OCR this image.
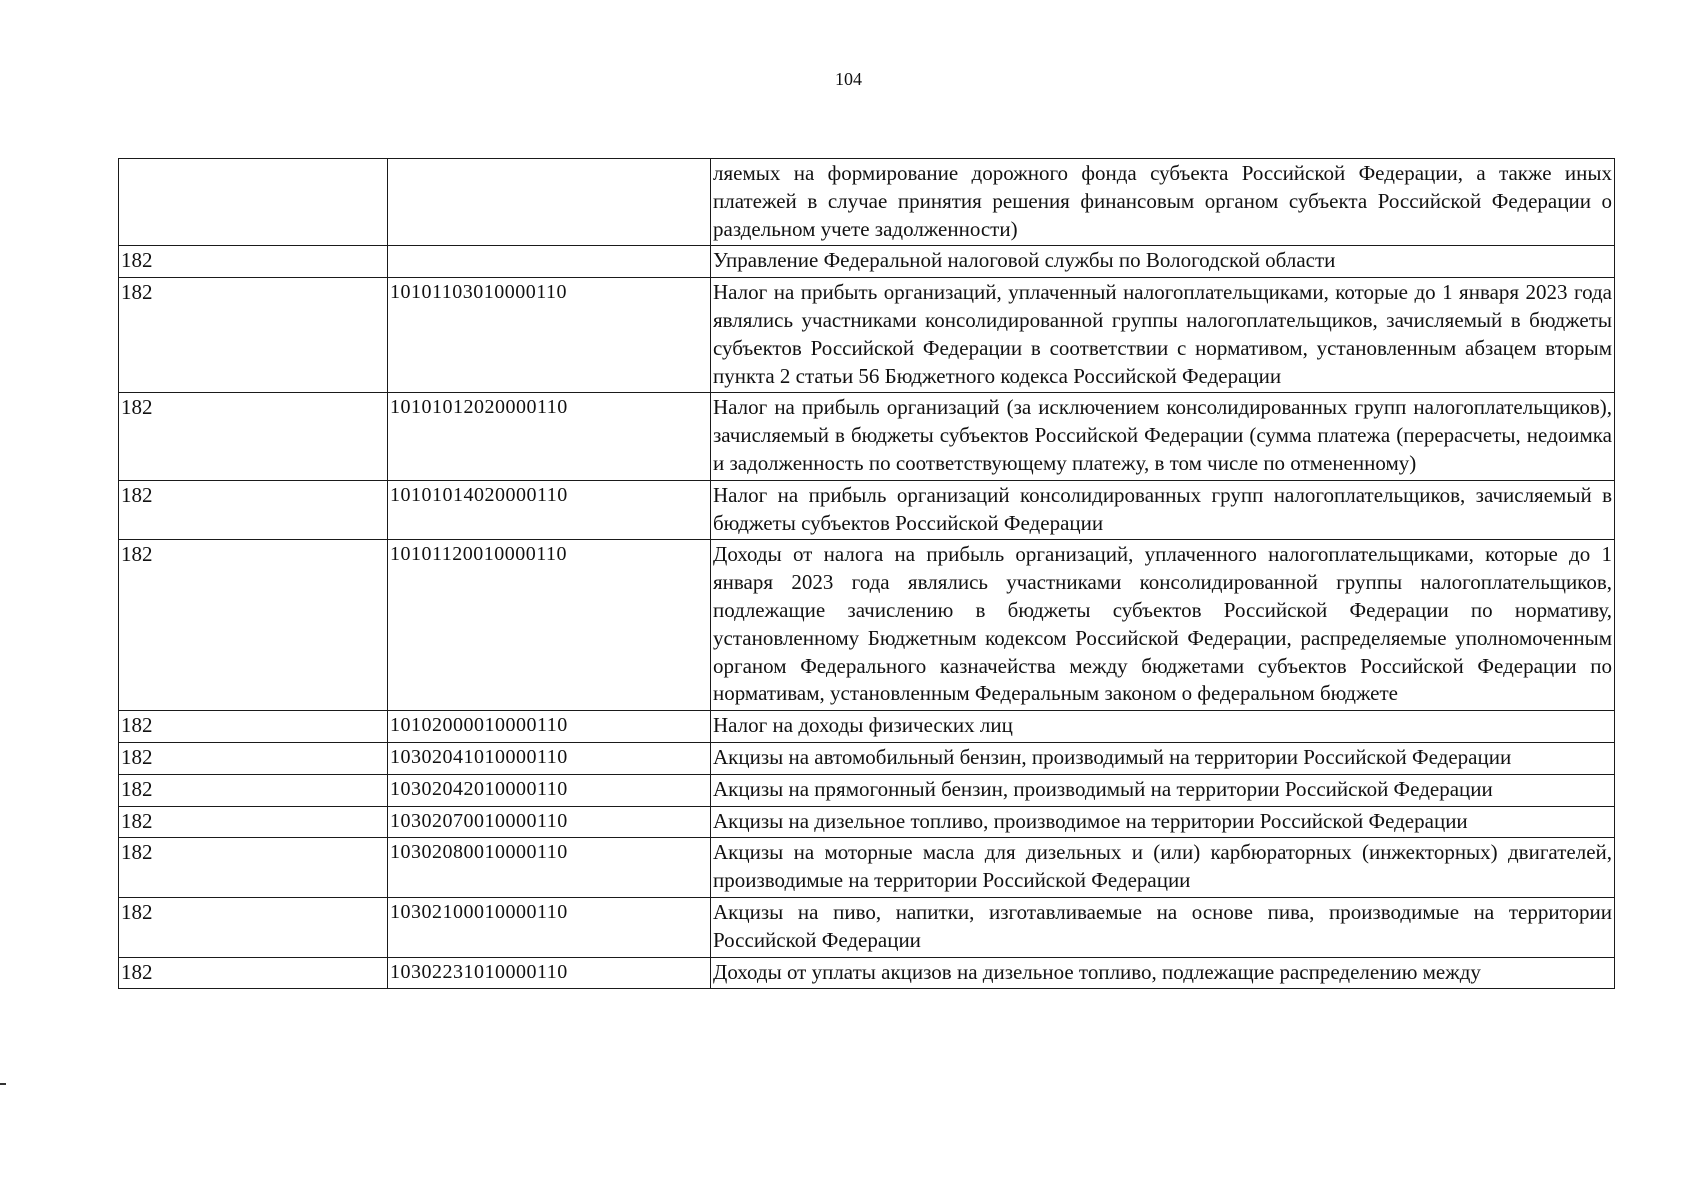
104
		ляемых на формирование дорожного фонда субъекта Российской Федерации, а также иных платежей в случае принятия решения финансовым органом субъекта Российской Федерации о раздельном учете задолженности)
182		Управление Федеральной налоговой службы по Вологодской области
182	10101103010000110	Налог на прибыть организаций, уплаченный налогоплательщиками, которые до 1 января 2023 года являлись участниками консолидированной группы налогоплательщиков, зачисляемый в бюджеты субъектов Российской Федерации в соответствии с нормативом, установленным абзацем вторым пункта 2 статьи 56 Бюджетного кодекса Российской Федерации
182	10101012020000110	Налог на прибыль организаций (за исключением консолидированных групп налогоплательщиков), зачисляемый в бюджеты субъектов Российской Федерации (сумма платежа (перерасчеты, недоимка и задолженность по соответствующему платежу, в том числе по отмененному)
182	10101014020000110	Налог на прибыль организаций консолидированных групп налогоплательщиков, зачисляемый в бюджеты субъектов Российской Федерации
182	10101120010000110	Доходы от налога на прибыль организаций, уплаченного налогоплательщиками, которые до 1 января 2023 года являлись участниками консолидированной группы налогоплательщиков, подлежащие зачислению в бюджеты субъектов Российской Федерации по нормативу, установленному Бюджетным кодексом Российской Федерации, распределяемые уполномоченным органом Федерального казначейства между бюджетами субъектов Российской Федерации по нормативам, установленным Федеральным законом о федеральном бюджете
182	10102000010000110	Налог на доходы физических лиц
182	10302041010000110	Акцизы на автомобильный бензин, производимый на территории Российской Федерации
182	10302042010000110	Акцизы на прямогонный бензин, производимый на территории Российской Федерации
182	10302070010000110	Акцизы на дизельное топливо, производимое на территории Российской Федерации
182	10302080010000110	Акцизы на моторные масла для дизельных и (или) карбюраторных (инжекторных) двигателей, производимые на территории Российской Федерации
182	10302100010000110	Акцизы на пиво, напитки, изготавливаемые на основе пива, производимые на территории Российской Федерации
182	10302231010000110	Доходы от уплаты акцизов на дизельное топливо, подлежащие распределению между
